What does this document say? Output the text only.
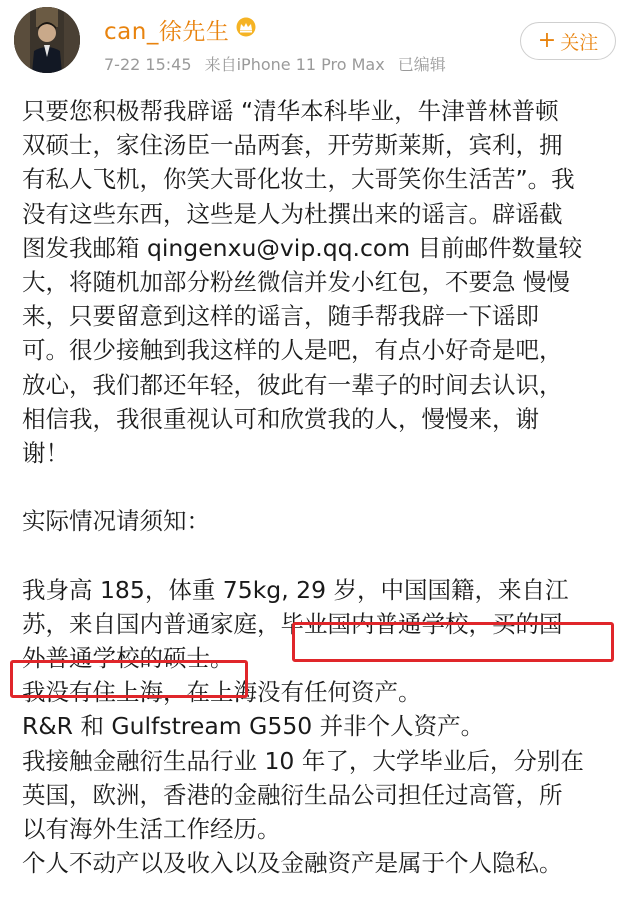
can_徐先生
7-22 15:45 来自iPhone 11 Pro Max 已编辑
+ 关注
只要您积极帮我辟谣 “清华本科毕业，牛津普林普顿
双硕士，家住汤臣一品两套，开劳斯莱斯，宾利，拥
有私人飞机，你笑大哥化妆土，大哥笑你生活苦”。我
没有这些东西，这些是人为杜撰出来的谣言。辟谣截
图发我邮箱 qingenxu@vip.qq.com 目前邮件数量较
大，将随机加部分粉丝微信并发小红包，不要急 慢慢
来，只要留意到这样的谣言，随手帮我辟一下谣即
可。很少接触到我这样的人是吧，有点小好奇是吧，
放心，我们都还年轻，彼此有一辈子的时间去认识，
相信我，我很重视认可和欣赏我的人，慢慢来，谢
谢！
实际情况请须知：
我身高 185，体重 75kg, 29 岁，中国国籍，来自江
苏，来自国内普通家庭，毕业国内普通学校，买的国
外普通学校的硕士。
我没有住上海，在上海没有任何资产。
R&R 和 Gulfstream G550 并非个人资产。
我接触金融衍生品行业 10 年了，大学毕业后，分别在
英国，欧洲，香港的金融衍生品公司担任过高管，所
以有海外生活工作经历。
个人不动产以及收入以及金融资产是属于个人隐私。
